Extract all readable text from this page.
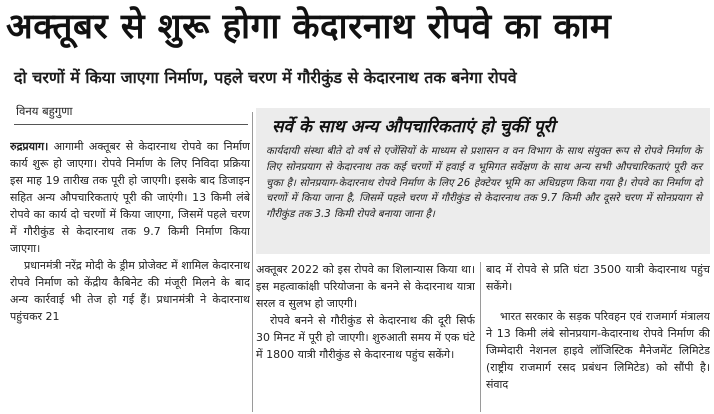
अक्तूबर से शुरू होगा केदारनाथ रोपवे का काम
दो चरणों में किया जाएगा निर्माण, पहले चरण में गौरीकुंड से केदारनाथ तक बनेगा रोपवे
विनय बहुगुणा

रुद्रप्रयाग। आगामी अक्तूबर से केदारनाथ रोपवे का निर्माण कार्य शुरू हो जाएगा। रोपवे निर्माण के लिए निविदा प्रक्रिया इस माह 19 तारीख तक पूरी हो जाएगी। इसके बाद डिजाइन सहित अन्य औपचारिकताएं पूरी की जाएंगी। 13 किमी लंबे रोपवे का कार्य दो चरणों में किया जाएगा, जिसमें पहले चरण में गौरीकुंड से केदारनाथ तक 9.7 किमी निर्माण किया जाएगा।

प्रधानमंत्री नरेंद्र मोदी के ड्रीम प्रोजेक्ट में शामिल केदारनाथ रोपवे निर्माण को केंद्रीय कैबिनेट की मंजूरी मिलने के बाद अन्य कार्रवाई भी तेज हो गई हैं। प्रधानमंत्री ने केदारनाथ पहुंचकर 21

सर्वे के साथ अन्य औपचारिकताएं हो चुकीं पूरी

कार्यदायी संस्था बीते दो वर्ष से एजेंसियों के माध्यम से प्रशासन व वन विभाग के साथ संयुक्त रूप से रोपवे निर्माण के लिए सोनप्रयाग से केदारनाथ तक कई चरणों में हवाई व भूमिगत सर्वेक्षण के साथ अन्य सभी औपचारिकताएं पूरी कर चुका है। सोनप्रयाग-केदारनाथ रोपवे निर्माण के लिए 26 हेक्टेयर भूमि का अधिग्रहण किया गया है। रोपवे का निर्माण दो चरणों में किया जाना है, जिसमें पहले चरण में गौरीकुंड से केदारनाथ तक 9.7 किमी और दूसरे चरण में सोनप्रयाग से गौरीकुंड तक 3.3 किमी रोपवे बनाया जाना है।

अक्तूबर 2022 को इस रोपवे का शिलान्यास किया था। इस महत्वाकांक्षी परियोजना के बनने से केदारनाथ यात्रा सरल व सुलभ हो जाएगी।

रोपवे बनने से गौरीकुंड से केदारनाथ की दूरी सिर्फ 30 मिनट में पूरी हो जाएगी। शुरुआती समय में एक घंटे में 1800 यात्री गौरीकुंड से केदारनाथ पहुंच सकेंगे।

बाद में रोपवे से प्रति घंटा 3500 यात्री केदारनाथ पहुंच सकेंगे।

भारत सरकार के सड़क परिवहन एवं राजमार्ग मंत्रालय ने 13 किमी लंबे सोनप्रयाग-केदारनाथ रोपवे निर्माण की जिम्मेदारी नेशनल हाइवे लॉजिस्टिक मैनेजमेंट लिमिटेड (राष्ट्रीय राजमार्ग रसद प्रबंधन लिमिटेड) को सौंपी है। संवाद
